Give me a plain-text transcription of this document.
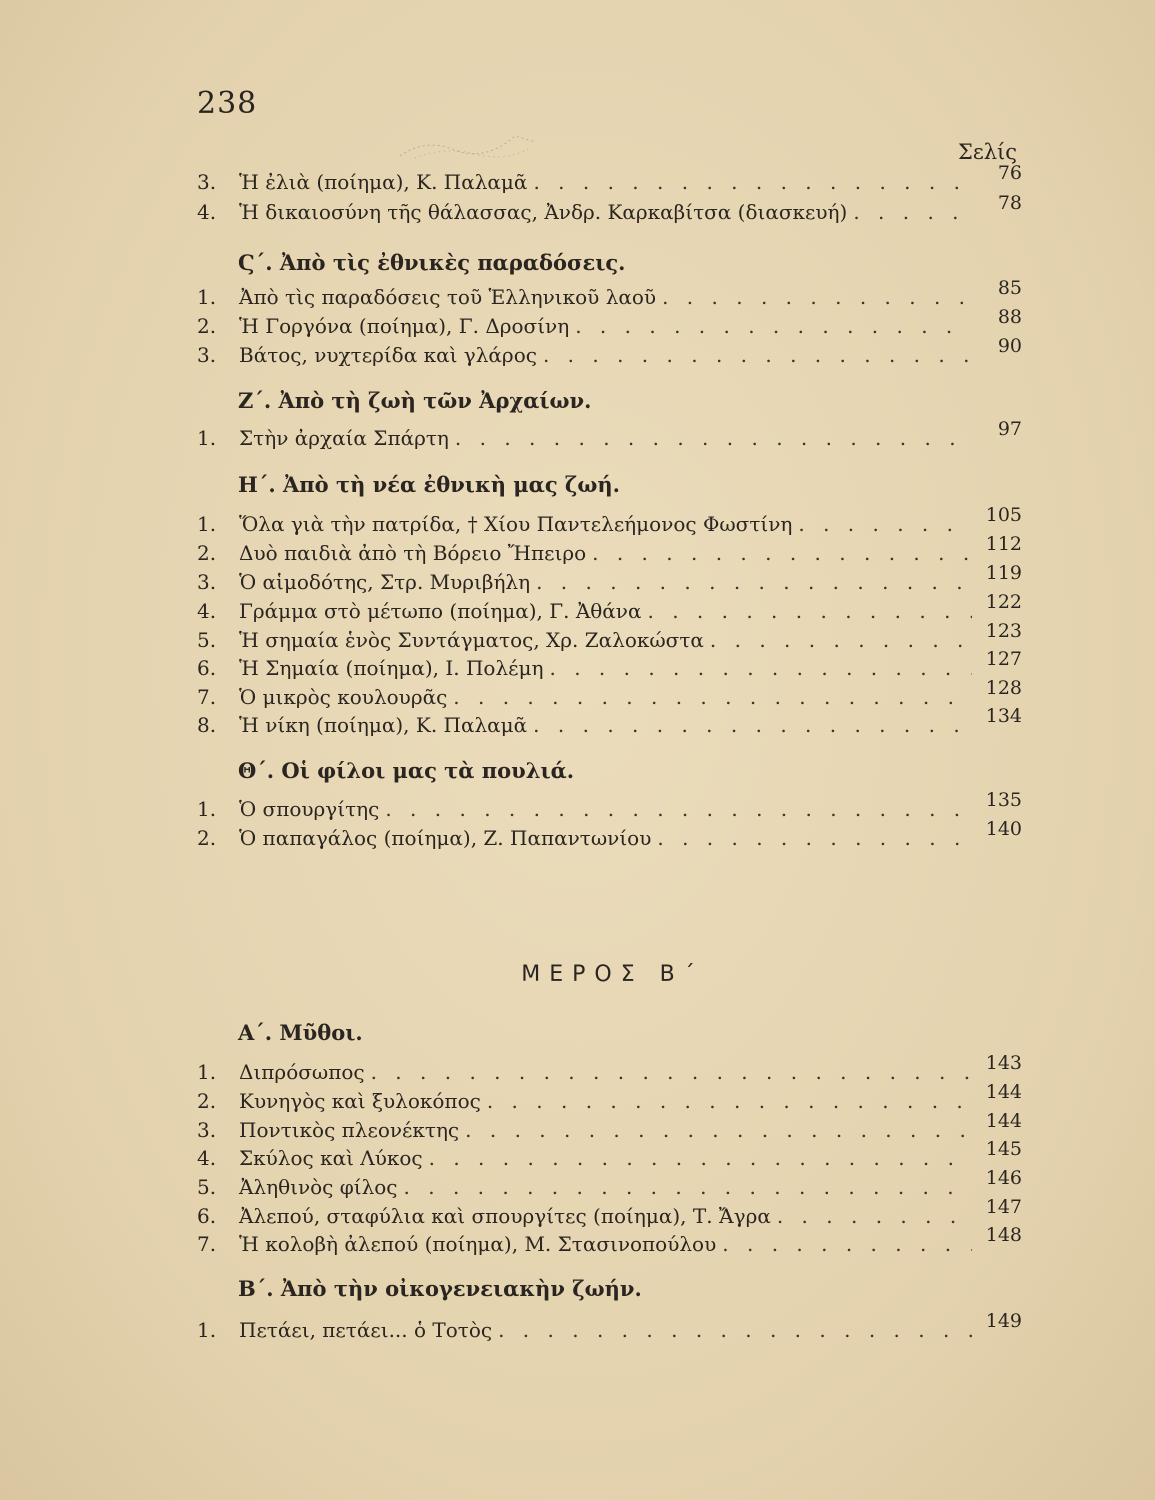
238
Σελίς
3.	Ἡ ἐλιὰ (ποίημα), Κ. Παλαμᾶ . . .	76
4.	Ἡ δικαιοσύνη τῆς θάλασσας, Ἀνδρ. Καρκαβίτσα (διασκευή) . . .	78
Ϛ΄. Ἀπὸ τὶς ἐθνικὲς παραδόσεις.
1.	Ἀπὸ τὶς παραδόσεις τοῦ Ἑλληνικοῦ λαοῦ . . .	85
2.	Ἡ Γοργόνα (ποίημα), Γ. Δροσίνη . . .	88
3.	Βάτος, νυχτερίδα καὶ γλάρος . . .	90
Ζ΄. Ἀπὸ τὴ ζωὴ τῶν Ἀρχαίων.
1.	Στὴν ἀρχαία Σπάρτη . . .	97
Η΄. Ἀπὸ τὴ νέα ἐθνικὴ μας ζωή.
1.	Ὅλα γιὰ τὴν πατρίδα, † Χίου Παντελεήμονος Φωστίνη . . .	105
2.	Δυὸ παιδιὰ ἀπὸ τὴ Βόρειο Ἤπειρο . . .	112
3.	Ὁ αἱμοδότης, Στρ. Μυριβήλη . . .	119
4.	Γράμμα στὸ μέτωπο (ποίημα), Γ. Ἀθάνα . . .	122
5.	Ἡ σημαία ἑνὸς Συντάγματος, Χρ. Ζαλοκώστα . . .	123
6.	Ἡ Σημαία (ποίημα), Ι. Πολέμη . . .	127
7.	Ὁ μικρὸς κουλουρᾶς . . .	128
8.	Ἡ νίκη (ποίημα), Κ. Παλαμᾶ . . .	134
Θ΄. Οἱ φίλοι μας τὰ πουλιά.
1.	Ὁ σπουργίτης . . .	135
2.	Ὁ παπαγάλος (ποίημα), Ζ. Παπαντωνίου . . .	140
ΜΕΡΟΣ Β΄
Α΄. Μῦθοι.
1.	Διπρόσωπος . . .	143
2.	Κυνηγὸς καὶ ξυλοκόπος . . .	144
3.	Ποντικὸς πλεονέκτης . . .	144
4.	Σκύλος καὶ Λύκος . . .	145
5.	Ἀληθινὸς φίλος . . .	146
6.	Ἀλεπού, σταφύλια καὶ σπουργίτες (ποίημα), Τ. Ἄγρα . . .	147
7.	Ἡ κολοβὴ ἀλεπού (ποίημα), Μ. Στασινοπούλου . . .	148
Β΄. Ἀπὸ τὴν οἰκογενειακὴν ζωήν.
1.	Πετάει, πετάει... ὁ Τοτὸς . . .	149
